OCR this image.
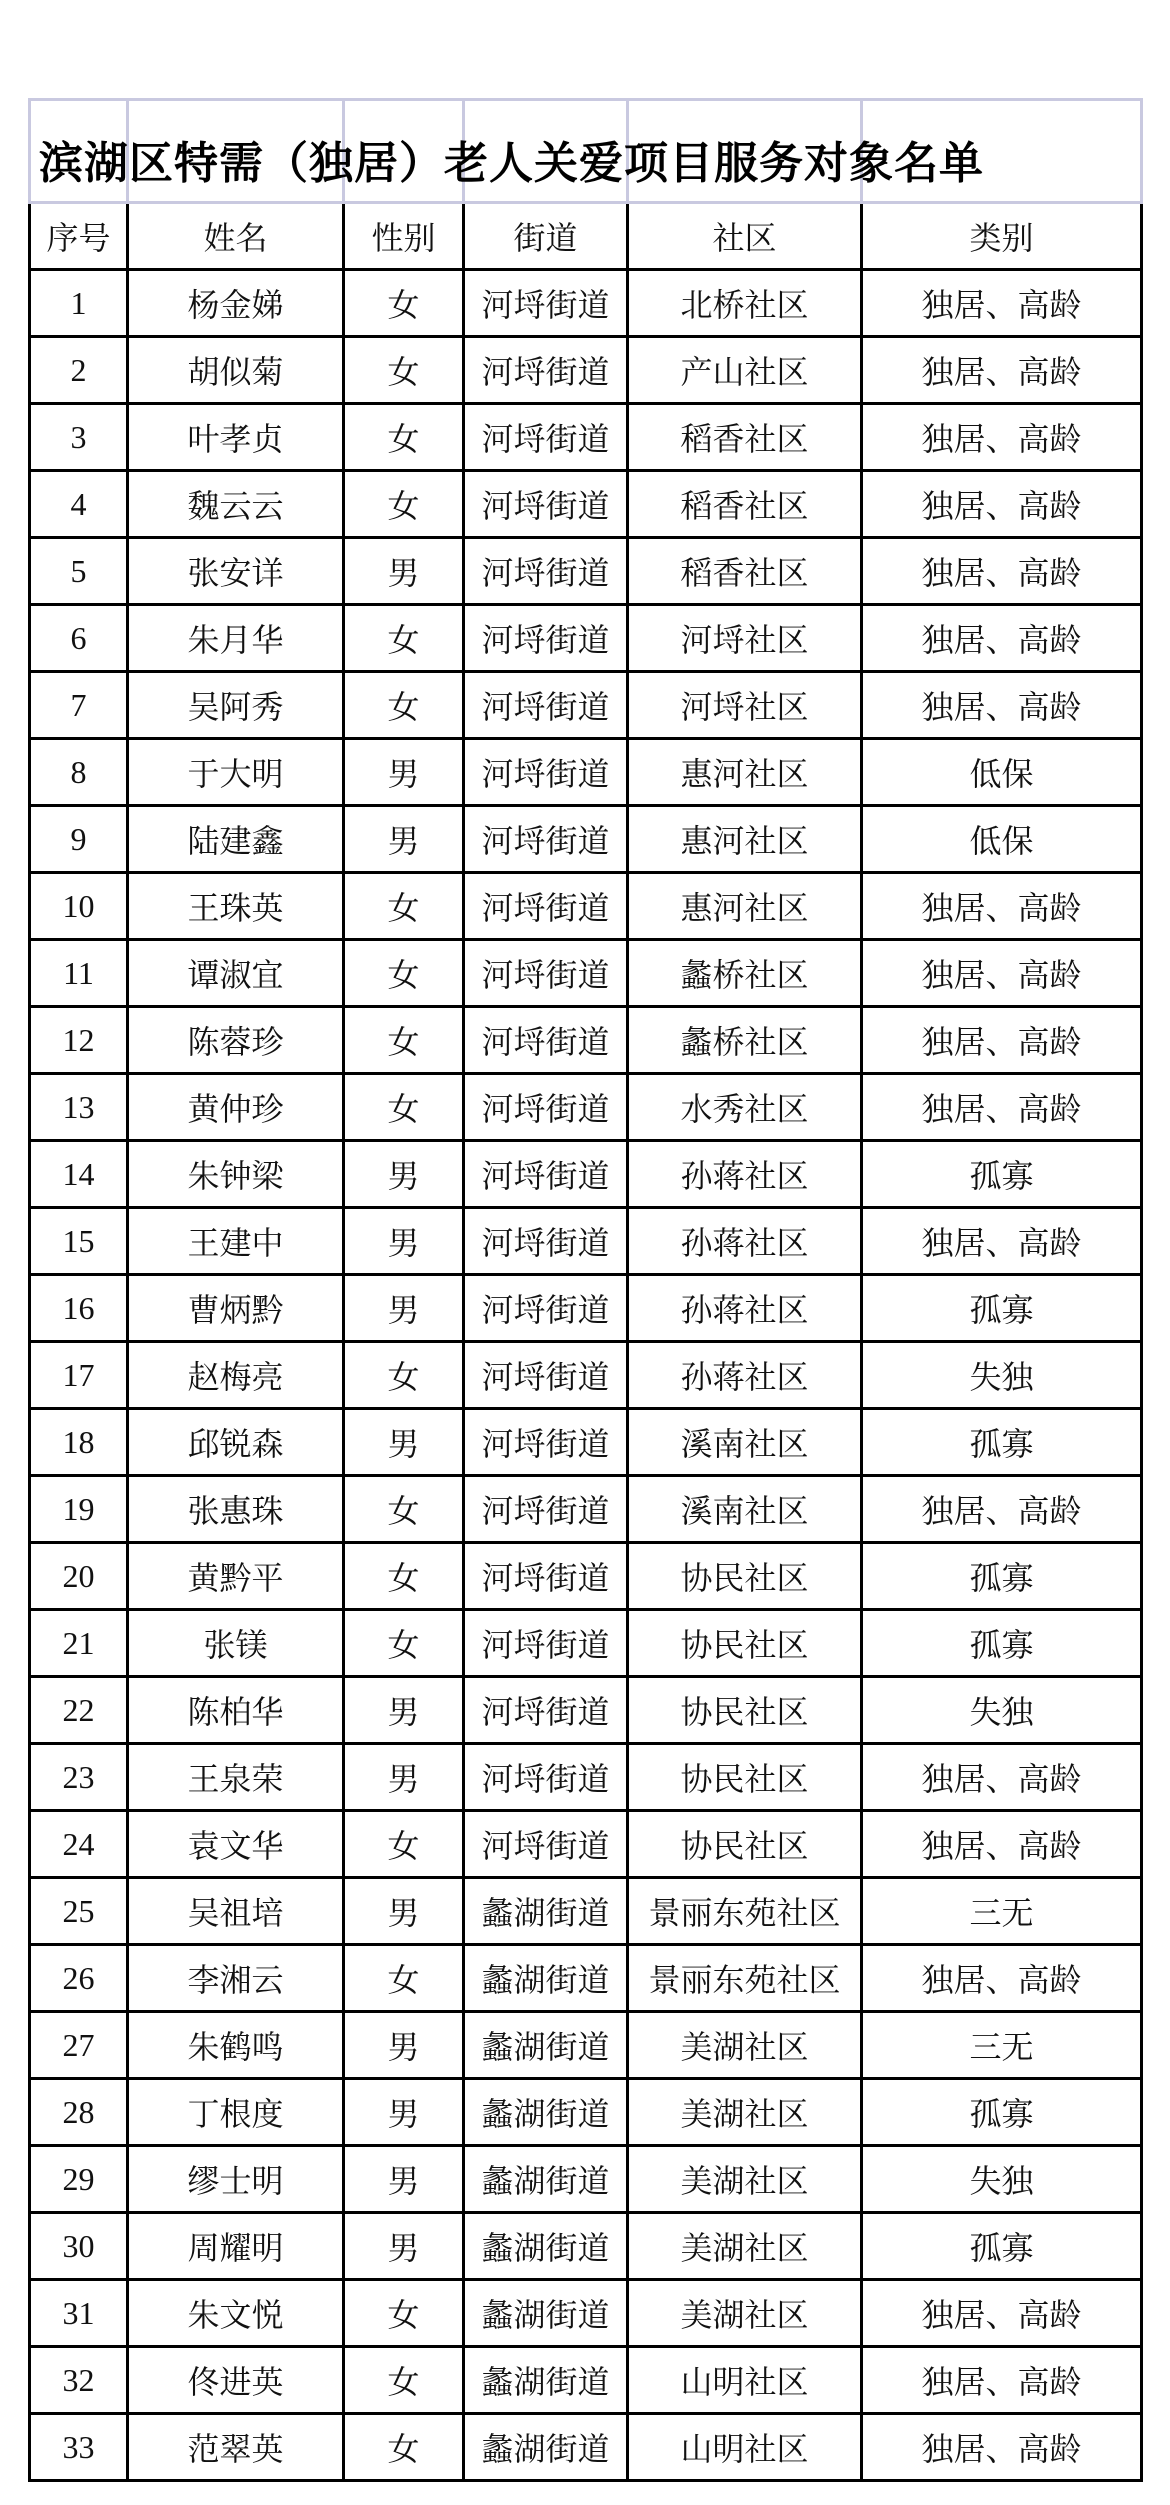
滨湖区特需（独居）老人关爱项目服务对象名单					

序号	姓名	性别	街道	社区	类别
1	杨金娣	女	河埒街道	北桥社区	独居、高龄
2	胡似菊	女	河埒街道	产山社区	独居、高龄
3	叶孝贞	女	河埒街道	稻香社区	独居、高龄
4	魏云云	女	河埒街道	稻香社区	独居、高龄
5	张安详	男	河埒街道	稻香社区	独居、高龄
6	朱月华	女	河埒街道	河埒社区	独居、高龄
7	吴阿秀	女	河埒街道	河埒社区	独居、高龄
8	于大明	男	河埒街道	惠河社区	低保
9	陆建鑫	男	河埒街道	惠河社区	低保
10	王珠英	女	河埒街道	惠河社区	独居、高龄
11	谭淑宜	女	河埒街道	蠡桥社区	独居、高龄
12	陈蓉珍	女	河埒街道	蠡桥社区	独居、高龄
13	黄仲珍	女	河埒街道	水秀社区	独居、高龄
14	朱钟梁	男	河埒街道	孙蒋社区	孤寡
15	王建中	男	河埒街道	孙蒋社区	独居、高龄
16	曹炳黔	男	河埒街道	孙蒋社区	孤寡
17	赵梅亮	女	河埒街道	孙蒋社区	失独
18	邱锐森	男	河埒街道	溪南社区	孤寡
19	张惠珠	女	河埒街道	溪南社区	独居、高龄
20	黄黔平	女	河埒街道	协民社区	孤寡
21	张镁	女	河埒街道	协民社区	孤寡
22	陈柏华	男	河埒街道	协民社区	失独
23	王泉荣	男	河埒街道	协民社区	独居、高龄
24	袁文华	女	河埒街道	协民社区	独居、高龄
25	吴祖培	男	蠡湖街道	景丽东苑社区	三无
26	李湘云	女	蠡湖街道	景丽东苑社区	独居、高龄
27	朱鹤鸣	男	蠡湖街道	美湖社区	三无
28	丁根度	男	蠡湖街道	美湖社区	孤寡
29	缪士明	男	蠡湖街道	美湖社区	失独
30	周耀明	男	蠡湖街道	美湖社区	孤寡
31	朱文悦	女	蠡湖街道	美湖社区	独居、高龄
32	佟进英	女	蠡湖街道	山明社区	独居、高龄
33	范翠英	女	蠡湖街道	山明社区	独居、高龄
